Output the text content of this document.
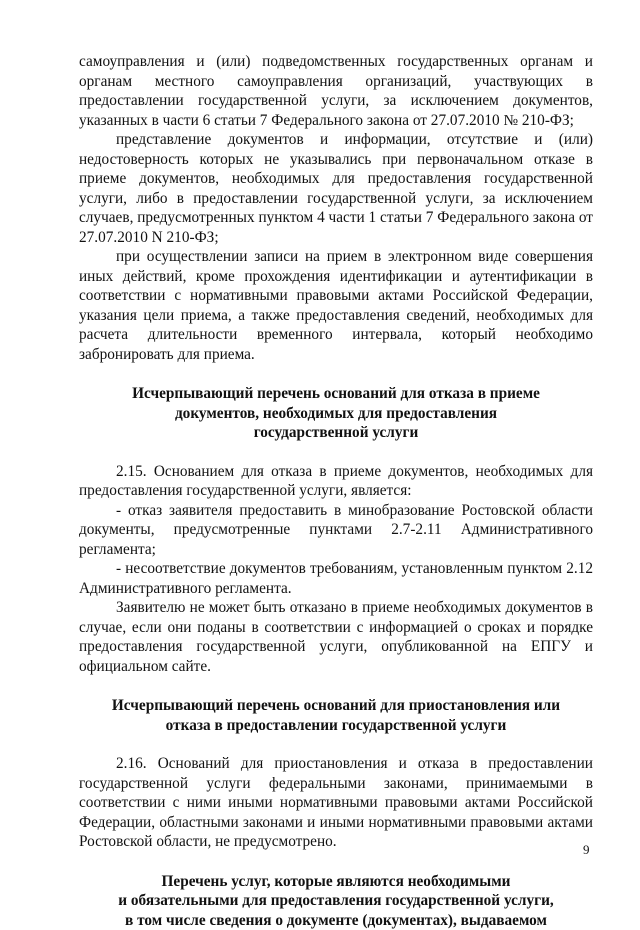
самоуправления и (или) подведомственных государственных органам и органам местного самоуправления организаций, участвующих в предоставлении государственной услуги, за исключением документов, указанных в части 6 статьи 7 Федерального закона от 27.07.2010 № 210-ФЗ;

представление документов и информации, отсутствие и (или) недостоверность которых не указывались при первоначальном отказе в приеме документов, необходимых для предоставления государственной услуги, либо в предоставлении государственной услуги, за исключением случаев, предусмотренных пунктом 4 части 1 статьи 7 Федерального закона от 27.07.2010 N 210-ФЗ;

при осуществлении записи на прием в электронном виде совершения иных действий, кроме прохождения идентификации и аутентификации в соответствии с нормативными правовыми актами Российской Федерации, указания цели приема, а также предоставления сведений, необходимых для расчета длительности временного интервала, который необходимо забронировать для приема.

Исчерпывающий перечень оснований для отказа в приеме
документов, необходимых для предоставления
государственной услуги

2.15. Основанием для отказа в приеме документов, необходимых для предоставления государственной услуги, является:

- отказ заявителя предоставить в минобразование Ростовской области документы, предусмотренные пунктами 2.7-2.11 Административного регламента;

- несоответствие документов требованиям, установленным пунктом 2.12 Административного регламента.

Заявителю не может быть отказано в приеме необходимых документов в случае, если они поданы в соответствии с информацией о сроках и порядке предоставления государственной услуги, опубликованной на ЕПГУ и официальном сайте.

Исчерпывающий перечень оснований для приостановления или
отказа в предоставлении государственной услуги

2.16. Оснований для приостановления и отказа в предоставлении государственной услуги федеральными законами, принимаемыми в соответствии с ними иными нормативными правовыми актами Российской Федерации, областными законами и иными нормативными правовыми актами Ростовской области, не предусмотрено.

Перечень услуг, которые являются необходимыми
и обязательными для предоставления государственной услуги,
в том числе сведения о документе (документах), выдаваемом
9
